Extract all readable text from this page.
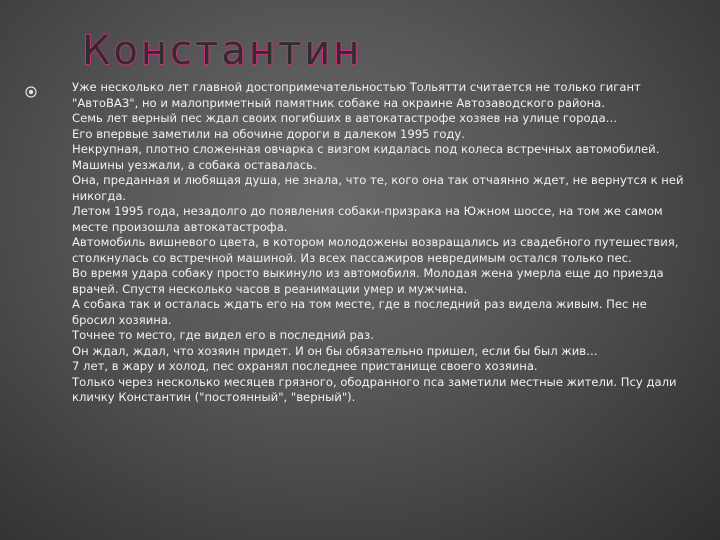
Константин
Уже несколько лет главной достопримечательностью Тольятти считается не только гигант "АвтоВАЗ", но и малоприметный памятник собаке на окраине Автозаводского района.
Семь лет верный пес ждал своих погибших в автокатастрофе хозяев на улице города…
Его впервые заметили на обочине дороги в далеком 1995 году.
Некрупная, плотно сложенная овчарка с визгом кидалась под колеса встречных автомобилей. Машины уезжали, а собака оставалась.
Она, преданная и любящая душа, не знала, что те, кого она так отчаянно ждет, не вернутся к ней никогда.
Летом 1995 года, незадолго до появления собаки-призрака на Южном шоссе, на том же самом месте произошла автокатастрофа.
Автомобиль вишневого цвета, в котором молодожены возвращались из свадебного путешествия, столкнулась со встречной машиной. Из всех пассажиров невредимым остался только пес.
Во время удара собаку просто выкинуло из автомобиля. Молодая жена умерла еще до приезда врачей. Спустя несколько часов в реанимации умер и мужчина.
А собака так и осталась ждать его на том месте, где в последний раз видела живым. Пес не бросил хозяина.
Точнее то место, где видел его в последний раз.
Он ждал, ждал, что хозяин придет. И он бы обязательно пришел, если бы был жив…
7 лет, в жару и холод, пес охранял последнее пристанище своего хозяина.
Только через несколько месяцев грязного, ободранного пса заметили местные жители. Псу дали кличку Константин ("постоянный", "верный").
